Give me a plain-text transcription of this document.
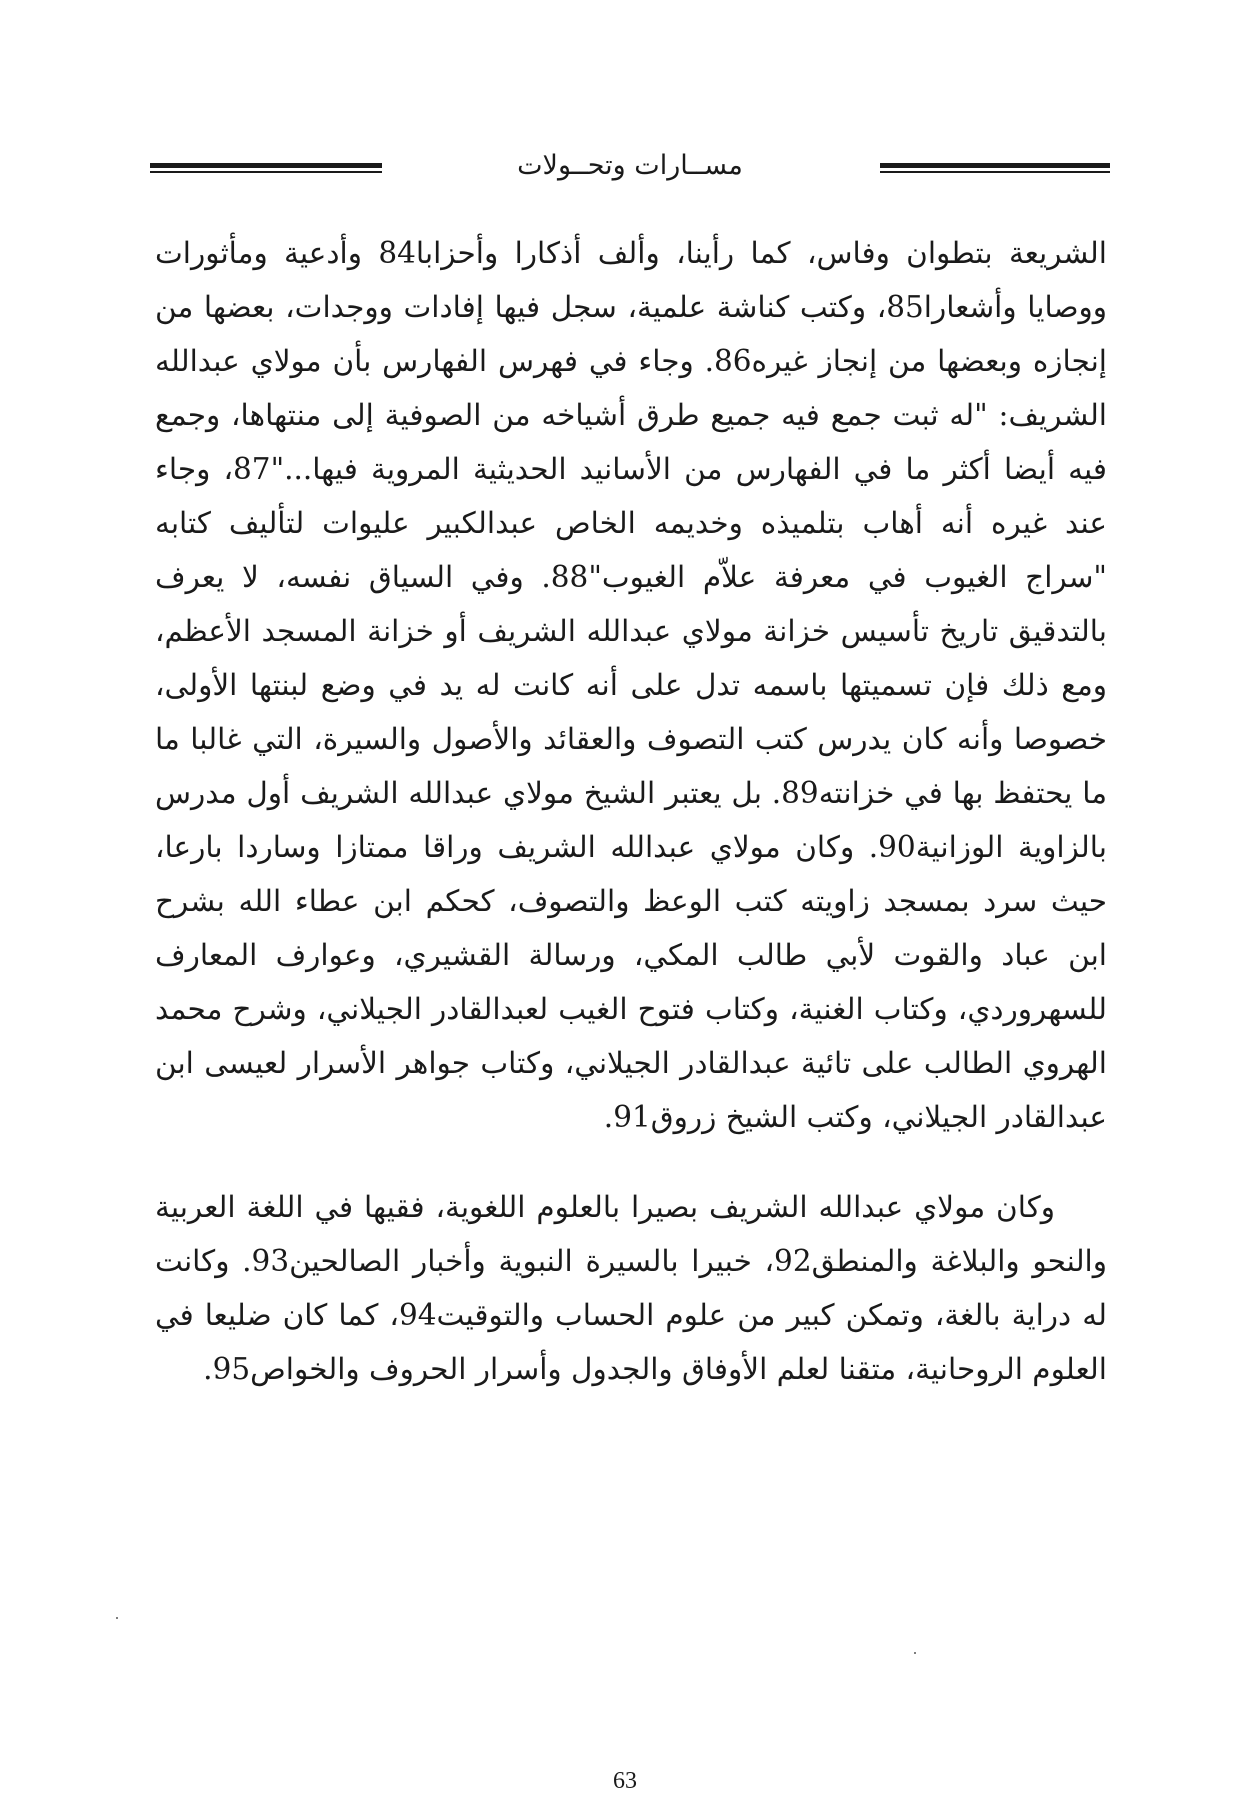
مســارات وتحــولات

الشريعة بتطوان وفاس، كما رأينا، وألف أذكارا وأحزابا84 وأدعية ومأثورات ووصايا وأشعارا85، وكتب كناشة علمية، سجل فيها إفادات ووجدات، بعضها من إنجازه وبعضها من إنجاز غيره86. وجاء في فهرس الفهارس بأن مولاي عبدالله الشريف: "له ثبت جمع فيه جميع طرق أشياخه من الصوفية إلى منتهاها، وجمع فيه أيضا أكثر ما في الفهارس من الأسانيد الحديثية المروية فيها..."87، وجاء عند غيره أنه أهاب بتلميذه وخديمه الخاص عبدالكبير عليوات لتأليف كتابه "سراج الغيوب في معرفة علاّم الغيوب"88. وفي السياق نفسه، لا يعرف بالتدقيق تاريخ تأسيس خزانة مولاي عبدالله الشريف أو خزانة المسجد الأعظم، ومع ذلك فإن تسميتها باسمه تدل على أنه كانت له يد في وضع لبنتها الأولى، خصوصا وأنه كان يدرس كتب التصوف والعقائد والأصول والسيرة، التي غالبا ما ما يحتفظ بها في خزانته89. بل يعتبر الشيخ مولاي عبدالله الشريف أول مدرس بالزاوية الوزانية90. وكان مولاي عبدالله الشريف وراقا ممتازا وساردا بارعا، حيث سرد بمسجد زاويته كتب الوعظ والتصوف، كحكم ابن عطاء الله بشرح ابن عباد والقوت لأبي طالب المكي، ورسالة القشيري، وعوارف المعارف للسهروردي، وكتاب الغنية، وكتاب فتوح الغيب لعبدالقادر الجيلاني، وشرح محمد الهروي الطالب على تائية عبدالقادر الجيلاني، وكتاب جواهر الأسرار لعيسى ابن عبدالقادر الجيلاني، وكتب الشيخ زروق91.

وكان مولاي عبدالله الشريف بصيرا بالعلوم اللغوية، فقيها في اللغة العربية والنحو والبلاغة والمنطق92، خبيرا بالسيرة النبوية وأخبار الصالحين93. وكانت له دراية بالغة، وتمكن كبير من علوم الحساب والتوقيت94، كما كان ضليعا في العلوم الروحانية، متقنا لعلم الأوفاق والجدول وأسرار الحروف والخواص95.

63
